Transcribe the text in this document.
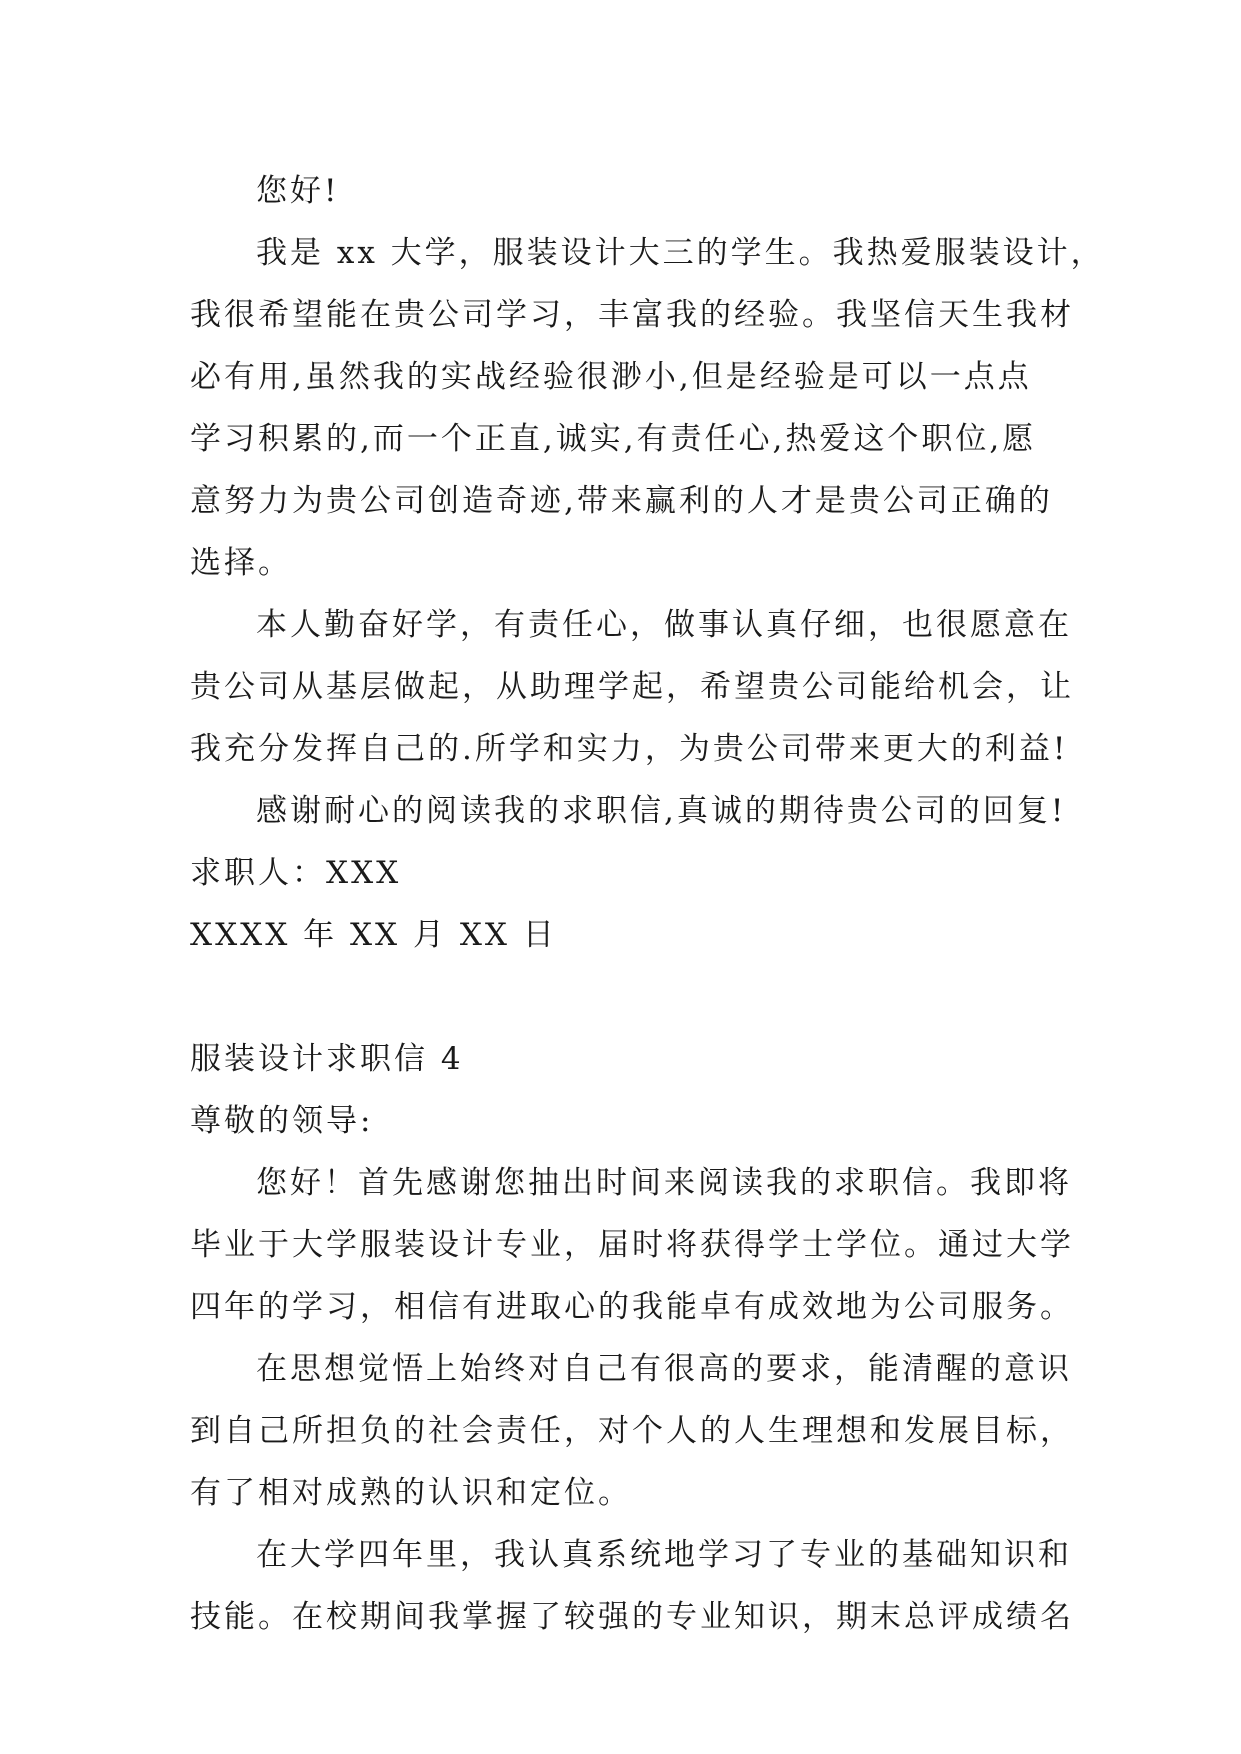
您好!
我是 xx 大学，服装设计大三的学生。我热爱服装设计，
我很希望能在贵公司学习，丰富我的经验。我坚信天生我材
必有用,虽然我的实战经验很渺小,但是经验是可以一点点
学习积累的,而一个正直,诚实,有责任心,热爱这个职位,愿
意努力为贵公司创造奇迹,带来赢利的人才是贵公司正确的
选择。
本人勤奋好学，有责任心，做事认真仔细，也很愿意在
贵公司从基层做起，从助理学起，希望贵公司能给机会，让
我充分发挥自己的.所学和实力，为贵公司带来更大的利益!
感谢耐心的阅读我的求职信,真诚的期待贵公司的回复!
求职人：XXX
XXXX 年 XX 月 XX 日
服装设计求职信 4
尊敬的领导:
您好！首先感谢您抽出时间来阅读我的求职信。我即将
毕业于大学服装设计专业，届时将获得学士学位。通过大学
四年的学习，相信有进取心的我能卓有成效地为公司服务。
在思想觉悟上始终对自己有很高的要求，能清醒的意识
到自己所担负的社会责任，对个人的人生理想和发展目标，
有了相对成熟的认识和定位。
在大学四年里，我认真系统地学习了专业的基础知识和
技能。在校期间我掌握了较强的专业知识，期末总评成绩名
